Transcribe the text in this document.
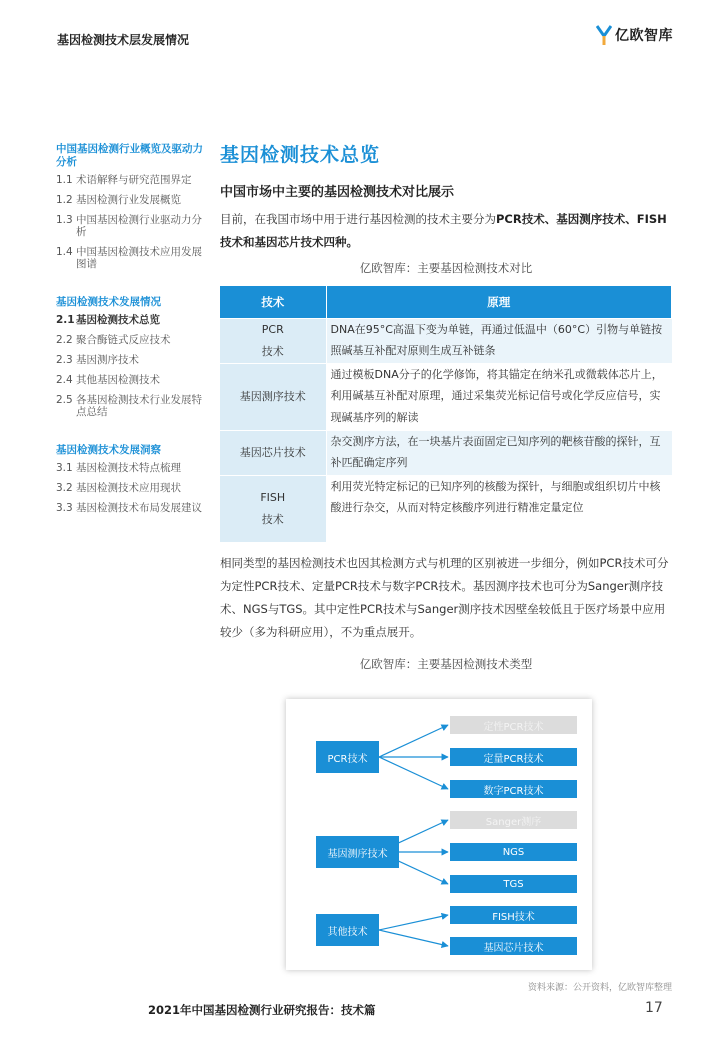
基因检测技术层发展情况	亿欧智库
中国基因检测行业概览及驱动力分析
1.1 术语解释与研究范围界定
1.2 基因检测行业发展概览
1.3 中国基因检测行业驱动力分析
1.4 中国基因检测技术应用发展图谱
基因检测技术发展情况
2.1 基因检测技术总览
2.2 聚合酶链式反应技术
2.3 基因测序技术
2.4 其他基因检测技术
2.5 各基因检测技术行业发展特点总结
基因检测技术发展洞察
3.1 基因检测技术特点梳理
3.2 基因检测技术应用现状
3.3 基因检测技术布局发展建议
基因检测技术总览
中国市场中主要的基因检测技术对比展示

目前，在我国市场中用于进行基因检测的技术主要分为PCR技术、基因测序技术、FISH技术和基因芯片技术四种。

亿欧智库：主要基因检测技术对比
技术	原理
PCR
技术	DNA在95°C高温下变为单链，再通过低温中（60°C）引物与单链按照碱基互补配对原则生成互补链条
基因测序技术	通过模板DNA分子的化学修饰，将其锚定在纳米孔或微载体芯片上，利用碱基互补配对原理，通过采集荧光标记信号或化学反应信号，实现碱基序列的解读
基因芯片技术	杂交测序方法，在一块基片表面固定已知序列的靶核苷酸的探针，互补匹配确定序列
FISH
技术	利用荧光特定标记的已知序列的核酸为探针，与细胞或组织切片中核酸进行杂交，从而对特定核酸序列进行精准定量定位

相同类型的基因检测技术也因其检测方式与机理的区别被进一步细分，例如PCR技术可分为定性PCR技术、定量PCR技术与数字PCR技术。基因测序技术也可分为Sanger测序技术、NGS与TGS。其中定性PCR技术与Sanger测序技术因壁垒较低且于医疗场景中应用较少（多为科研应用），不为重点展开。

亿欧智库：主要基因检测技术类型
PCR技术
基因测序技术
其他技术
定性PCR技术
定量PCR技术
数字PCR技术
Sanger测序
NGS
TGS
FISH技术
基因芯片技术
资料来源：公开资料，亿欧智库整理
2021年中国基因检测行业研究报告：技术篇	17
